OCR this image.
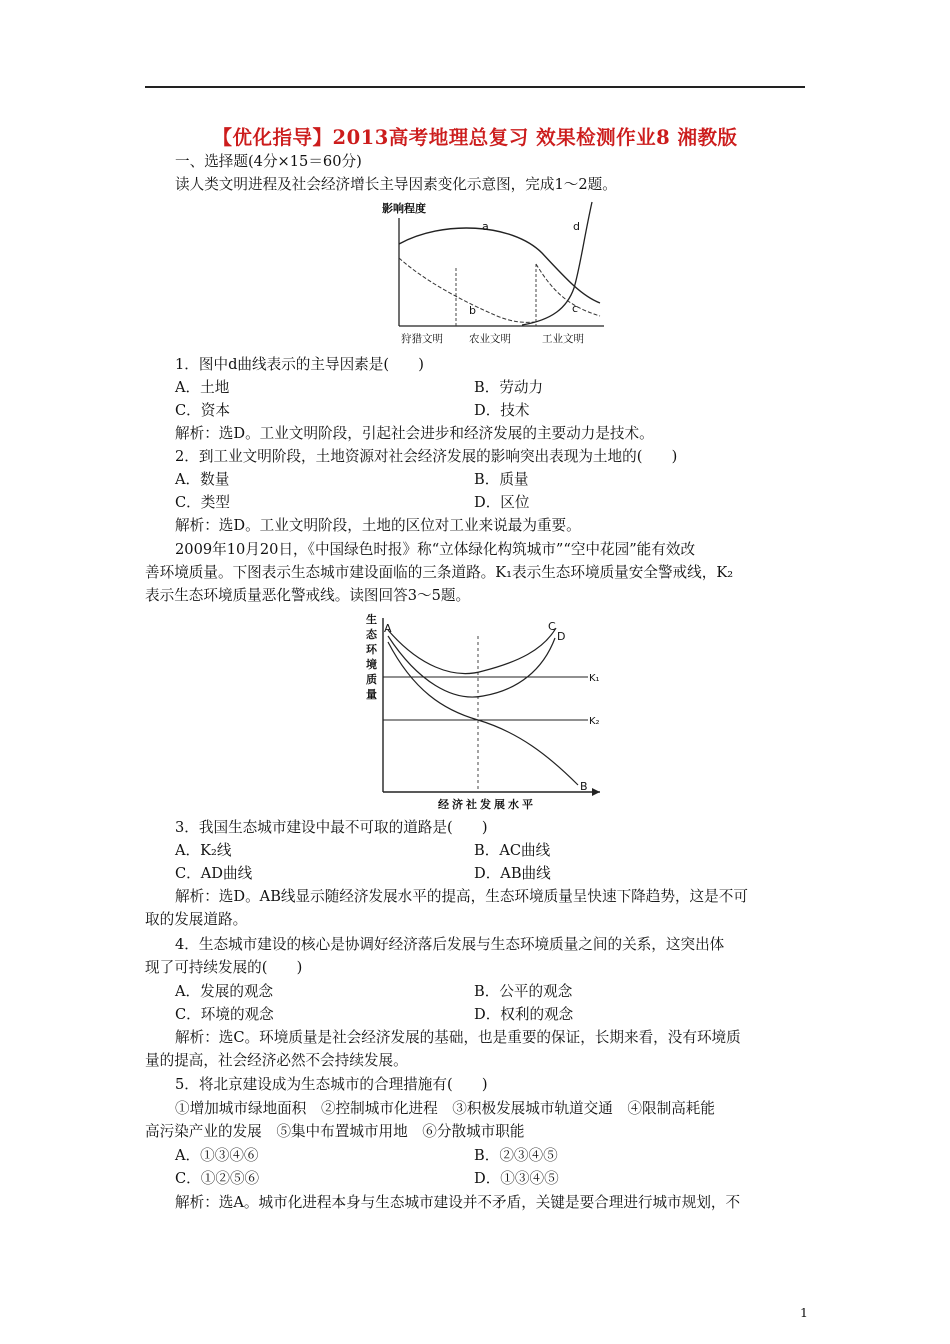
【优化指导】2013高考地理总复习 效果检测作业8 湘教版
一、选择题(4分×15＝60分)
读人类文明进程及社会经济增长主导因素变化示意图，完成1～2题。
影响程度
a
b	c
d
狩猎文明 农业文明	工业文明
1．图中d曲线表示的主导因素是(　　)
A．土地	B．劳动力
C．资本	D．技术
解析：选D。工业文明阶段，引起社会进步和经济发展的主要动力是技术。
2．到工业文明阶段，土地资源对社会经济发展的影响突出表现为土地的(　　)
A．数量	B．质量
C．类型	D．区位
解析：选D。工业文明阶段，土地的区位对工业来说最为重要。
2009年10月20日，《中国绿色时报》称“立体绿化构筑城市”“空中花园”能有效改
善环境质量。下图表示生态城市建设面临的三条道路。K₁表示生态环境质量安全警戒线，K₂
表示生态环境质量恶化警戒线。读图回答3～5题。
生
态
环
境
质
量
A	C
D
B
K₁
K₂
经济社发展水平
3．我国生态城市建设中最不可取的道路是(　　)
A．K₂线	B．AC曲线
C．AD曲线	D．AB曲线
解析：选D。AB线显示随经济发展水平的提高，生态环境质量呈快速下降趋势，这是不可
取的发展道路。
4．生态城市建设的核心是协调好经济落后发展与生态环境质量之间的关系，这突出体
现了可持续发展的(　　)
A．发展的观念	B．公平的观念
C．环境的观念	D．权利的观念
解析：选C。环境质量是社会经济发展的基础，也是重要的保证，长期来看，没有环境质
量的提高，社会经济必然不会持续发展。
5．将北京建设成为生态城市的合理措施有(　　)
①增加城市绿地面积　②控制城市化进程　③积极发展城市轨道交通　④限制高耗能
高污染产业的发展　⑤集中布置城市用地　⑥分散城市职能
A．①③④⑥	B．②③④⑤
C．①②⑤⑥	D．①③④⑤
解析：选A。城市化进程本身与生态城市建设并不矛盾，关键是要合理进行城市规划，不
1
